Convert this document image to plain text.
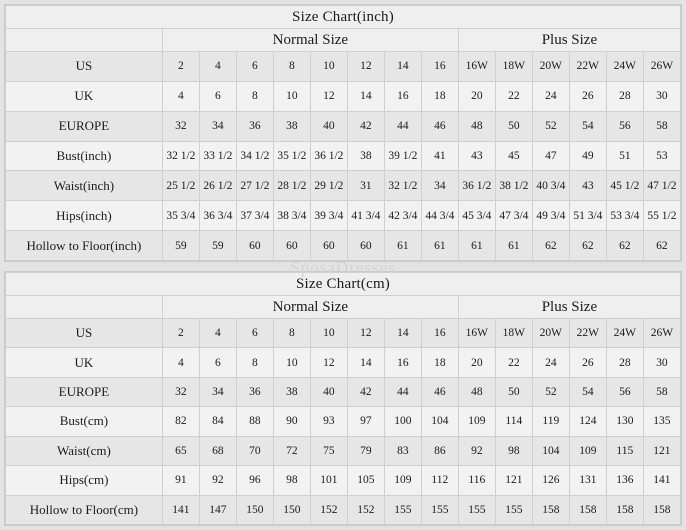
Size Chart(inch)														
	Normal Size								Plus Size					
US	2	4	6	8	10	12	14	16	16W	18W	20W	22W	24W	26W
UK	4	6	8	10	12	14	16	18	20	22	24	26	28	30
EUROPE	32	34	36	38	40	42	44	46	48	50	52	54	56	58
Bust(inch)	32 1/2	33 1/2	34 1/2	35 1/2	36 1/2	38	39 1/2	41	43	45	47	49	51	53
Waist(inch)	25 1/2	26 1/2	27 1/2	28 1/2	29 1/2	31	32 1/2	34	36 1/2	38 1/2	40 3/4	43	45 1/2	47 1/2
Hips(inch)	35 3/4	36 3/4	37 3/4	38 3/4	39 3/4	41 3/4	42 3/4	44 3/4	45 3/4	47 3/4	49 3/4	51 3/4	53 3/4	55 1/2
Hollow to Floor(inch)	59	59	60	60	60	60	61	61	61	61	62	62	62	62
SposaDresses
Size Chart(cm)														
	Normal Size								Plus Size					
US	2	4	6	8	10	12	14	16	16W	18W	20W	22W	24W	26W
UK	4	6	8	10	12	14	16	18	20	22	24	26	28	30
EUROPE	32	34	36	38	40	42	44	46	48	50	52	54	56	58
Bust(cm)	82	84	88	90	93	97	100	104	109	114	119	124	130	135
Waist(cm)	65	68	70	72	75	79	83	86	92	98	104	109	115	121
Hips(cm)	91	92	96	98	101	105	109	112	116	121	126	131	136	141
Hollow to Floor(cm)	141	147	150	150	152	152	155	155	155	155	158	158	158	158
